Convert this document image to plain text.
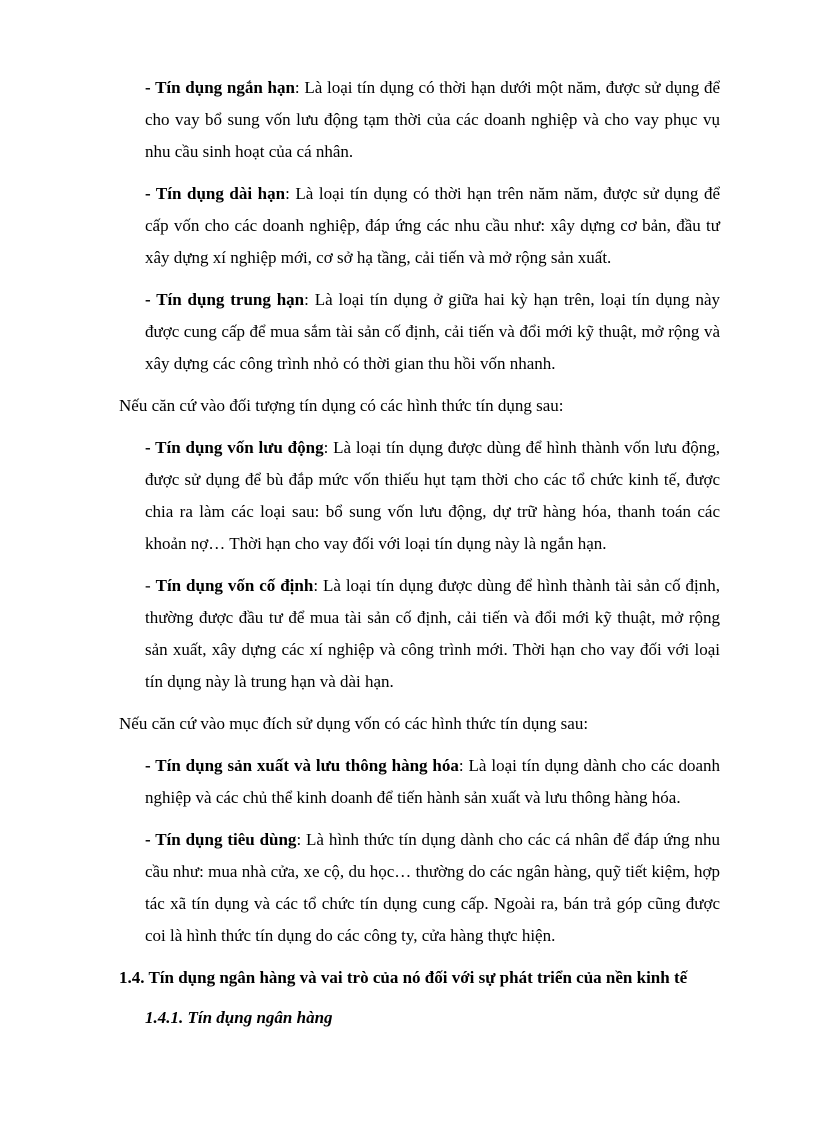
- Tín dụng ngắn hạn: Là loại tín dụng có thời hạn dưới một năm, được sử dụng để cho vay bổ sung vốn lưu động tạm thời của các doanh nghiệp và cho vay phục vụ nhu cầu sinh hoạt của cá nhân.

- Tín dụng dài hạn: Là loại tín dụng có thời hạn trên năm năm, được sử dụng để cấp vốn cho các doanh nghiệp, đáp ứng các nhu cầu như: xây dựng cơ bản, đầu tư xây dựng xí nghiệp mới, cơ sở hạ tầng, cải tiến và mở rộng sản xuất.

- Tín dụng trung hạn: Là loại tín dụng ở giữa hai kỳ hạn trên, loại tín dụng này được cung cấp để mua sắm tài sản cố định, cải tiến và đổi mới kỹ thuật, mở rộng và xây dựng các công trình nhỏ có thời gian thu hồi vốn nhanh.

Nếu căn cứ vào đối tượng tín dụng có các hình thức tín dụng sau:

- Tín dụng vốn lưu động: Là loại tín dụng được dùng để hình thành vốn lưu động, được sử dụng để bù đắp mức vốn thiếu hụt tạm thời cho các tổ chức kinh tế, được chia ra làm các loại sau: bổ sung vốn lưu động, dự trữ hàng hóa, thanh toán các khoản nợ… Thời hạn cho vay đối với loại tín dụng này là ngắn hạn.

- Tín dụng vốn cố định: Là loại tín dụng được dùng để hình thành tài sản cố định, thường được đầu tư để mua tài sản cố định, cải tiến và đổi mới kỹ thuật, mở rộng sản xuất, xây dựng các xí nghiệp và công trình mới. Thời hạn cho vay đối với loại tín dụng này là trung hạn và dài hạn.

Nếu căn cứ vào mục đích sử dụng vốn có các hình thức tín dụng sau:

- Tín dụng sản xuất và lưu thông hàng hóa: Là loại tín dụng dành cho các doanh nghiệp và các chủ thể kinh doanh để tiến hành sản xuất và lưu thông hàng hóa.

- Tín dụng tiêu dùng: Là hình thức tín dụng dành cho các cá nhân để đáp ứng nhu cầu như: mua nhà cửa, xe cộ, du học… thường do các ngân hàng, quỹ tiết kiệm, hợp tác xã tín dụng và các tổ chức tín dụng cung cấp. Ngoài ra, bán trả góp cũng được coi là hình thức tín dụng do các công ty, cửa hàng thực hiện.

1.4. Tín dụng ngân hàng và vai trò của nó đối với sự phát triển của nền kinh tế
1.4.1. Tín dụng ngân hàng
